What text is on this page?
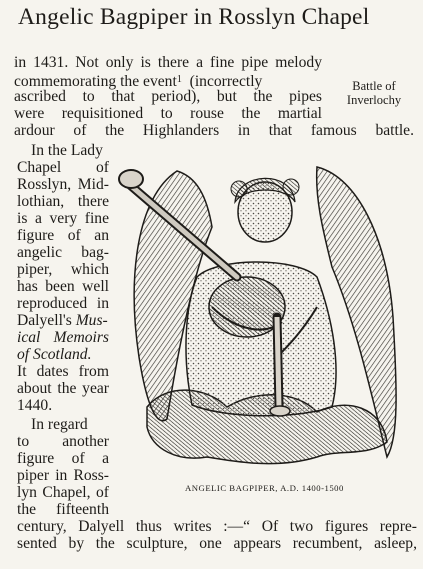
Angelic Bagpiper in Rosslyn Chapel
in 1431. Not only is there a fine pipe melody
commemorating the event$^1$ (incorrectly
ascribed to that period), but the pipes
were requisitioned to rouse the martial
ardour of the Highlanders in that famous battle.
Battle of
Inverlochy
In the Lady
Chapel of
Rosslyn, Mid-
lothian, there
is a very fine
figure of an
angelic bag-
piper, which
has been well
reproduced in
Dalyell's Mus-
ical Memoirs
of Scotland.
It dates from
about the year
1440.
In regard
to another
figure of a
piper in Ross-
lyn Chapel, of
the fifteenth
ANGELIC BAGPIPER, A.D. 1400-1500
century, Dalyell thus writes :—“ Of two figures repre-
sented by the sculpture, one appears recumbent, asleep,
